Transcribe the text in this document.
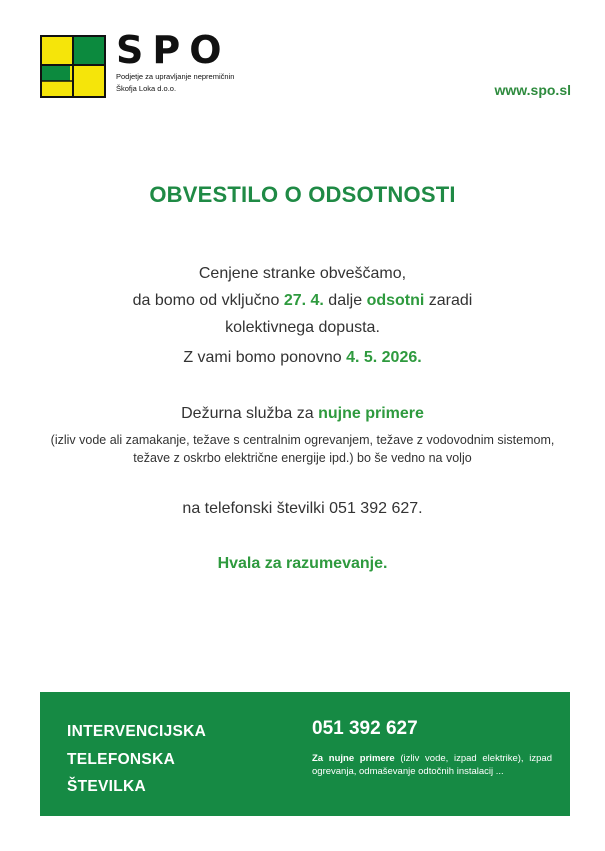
SPO
Podjetje za upravljanje nepremičnin
Škofja Loka d.o.o.	www.spo.sl
OBVESTILO O ODSOTNOSTI
Cenjene stranke obveščamo,
da bomo od vključno 27. 4. dalje odsotni zaradi
kolektivnega dopusta.
Z vami bomo ponovno 4. 5. 2026.
Dežurna služba za nujne primere
(izliv vode ali zamakanje, težave s centralnim ogrevanjem, težave z vodovodnim sistemom, težave z oskrbo električne energije ipd.) bo še vedno na voljo
na telefonski številki 051 392 627.
Hvala za razumevanje.
INTERVENCIJSKA
TELEFONSKA
ŠTEVILKA
051 392 627
Za nujne primere (izliv vode, izpad elektrike), izpad ogrevanja, odmaševanje odtočnih instalacij ...
